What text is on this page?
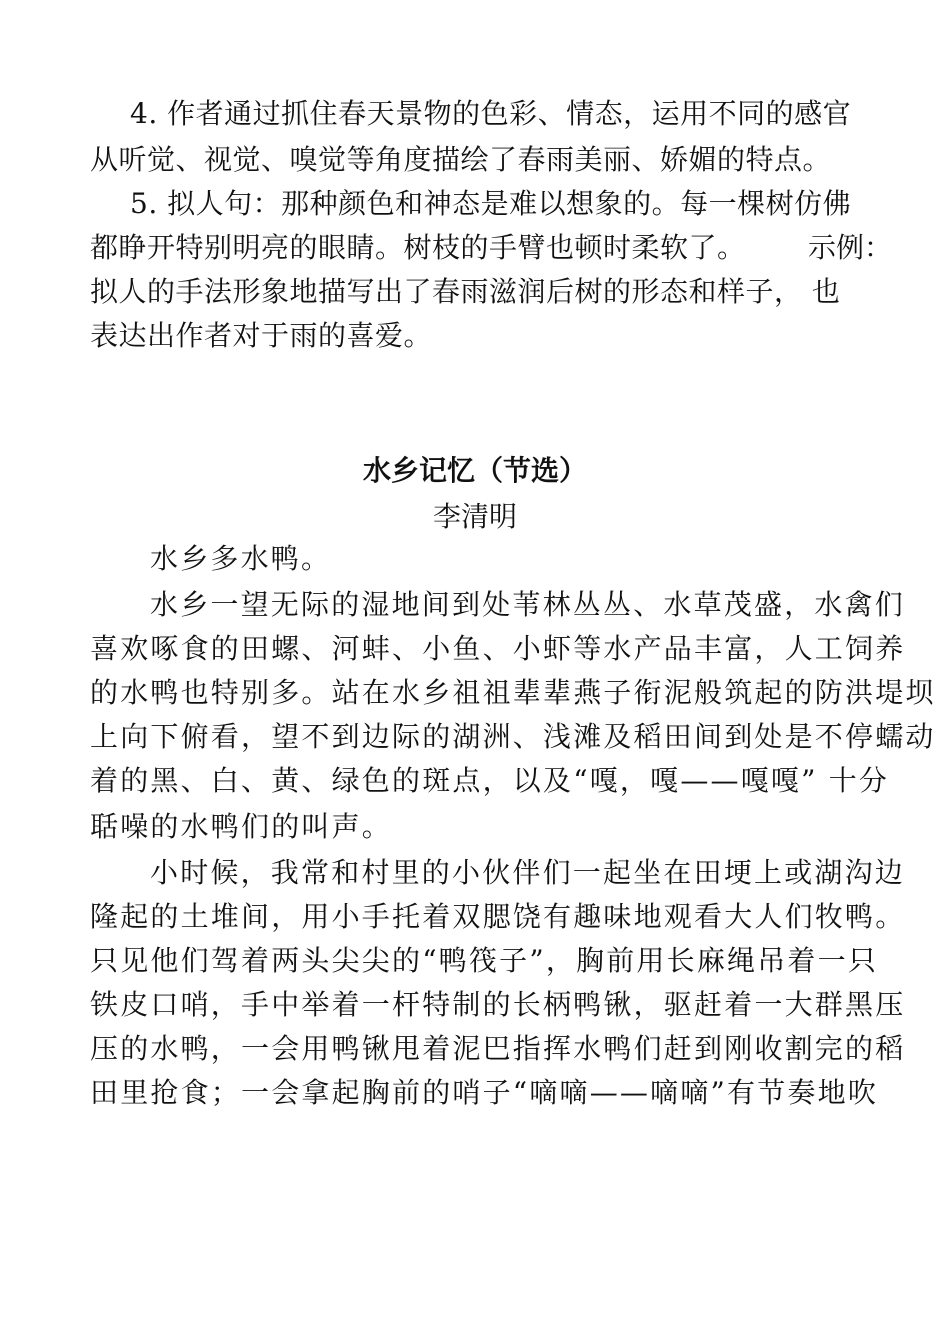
4. 作者通过抓住春天景物的色彩、情态，运用不同的感官
从听觉、视觉、嗅觉等角度描绘了春雨美丽、娇媚的特点。
5. 拟人句：那种颜色和神态是难以想象的。每一棵树仿佛
都睁开特别明亮的眼睛。树枝的手臂也顿时柔软了。 示例：
拟人的手法形象地描写出了春雨滋润后树的形态和样子， 也
表达出作者对于雨的喜爱。
水乡记忆（节选）
李清明
水乡多水鸭。
水乡一望无际的湿地间到处苇林丛丛、水草茂盛，水禽们
喜欢啄食的田螺、河蚌、小鱼、小虾等水产品丰富，人工饲养
的水鸭也特别多。站在水乡祖祖辈辈燕子衔泥般筑起的防洪堤坝
上向下俯看，望不到边际的湖洲、浅滩及稻田间到处是不停蠕动
着的黑、白、黄、绿色的斑点，以及“嘎，嘎——嘎嘎” 十分
聒噪的水鸭们的叫声。
小时候，我常和村里的小伙伴们一起坐在田埂上或湖沟边
隆起的土堆间，用小手托着双腮饶有趣味地观看大人们牧鸭。
只见他们驾着两头尖尖的“鸭筏子”，胸前用长麻绳吊着一只
铁皮口哨，手中举着一杆特制的长柄鸭锹，驱赶着一大群黑压
压的水鸭，一会用鸭锹甩着泥巴指挥水鸭们赶到刚收割完的稻
田里抢食；一会拿起胸前的哨子“嘀嘀——嘀嘀”有节奏地吹
